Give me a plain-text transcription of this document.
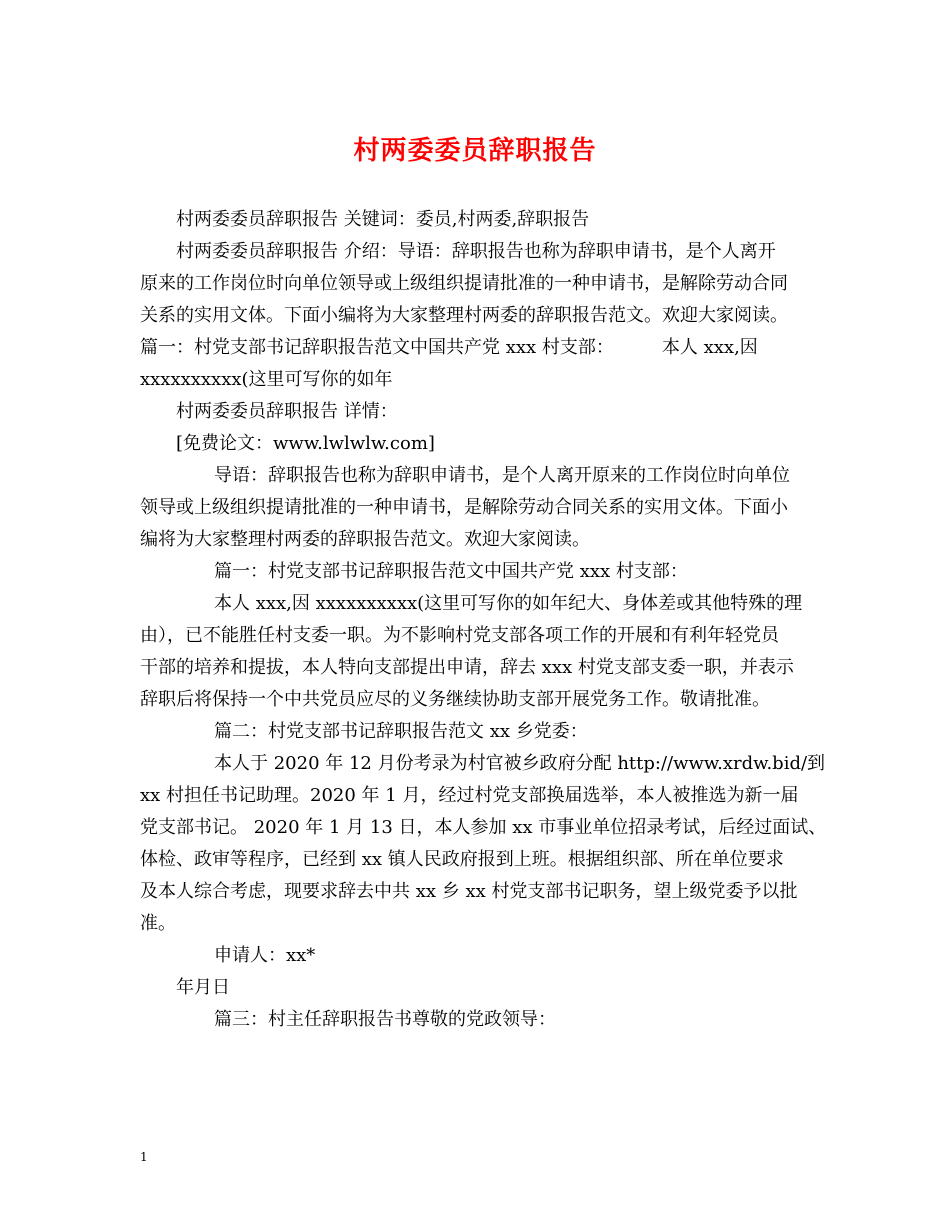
村两委委员辞职报告
村两委委员辞职报告 关键词：委员,村两委,辞职报告
村两委委员辞职报告 介绍：导语：辞职报告也称为辞职申请书，是个人离开
原来的工作岗位时向单位领导或上级组织提请批准的一种申请书，是解除劳动合同
关系的实用文体。下面小编将为大家整理村两委的辞职报告范文。欢迎大家阅读。
篇一：村党支部书记辞职报告范文中国共产党 xxx 村支部：	本人 xxx,因
xxxxxxxxxx(这里可写你的如年
村两委委员辞职报告 详情：
[免费论文：www.lwlwlw.com]
导语：辞职报告也称为辞职申请书，是个人离开原来的工作岗位时向单位
领导或上级组织提请批准的一种申请书，是解除劳动合同关系的实用文体。下面小
编将为大家整理村两委的辞职报告范文。欢迎大家阅读。
篇一：村党支部书记辞职报告范文中国共产党 xxx 村支部：
本人 xxx,因 xxxxxxxxxx(这里可写你的如年纪大、身体差或其他特殊的理
由），已不能胜任村支委一职。为不影响村党支部各项工作的开展和有利年轻党员
干部的培养和提拔，本人特向支部提出申请，辞去 xxx 村党支部支委一职，并表示
辞职后将保持一个中共党员应尽的义务继续协助支部开展党务工作。敬请批准。
篇二：村党支部书记辞职报告范文 xx 乡党委：
本人于 2020 年 12 月份考录为村官被乡政府分配 http://www.xrdw.bid/到
xx 村担任书记助理。2020 年 1 月，经过村党支部换届选举，本人被推选为新一届
党支部书记。 2020 年 1 月 13 日，本人参加 xx 市事业单位招录考试，后经过面试、
体检、政审等程序，已经到 xx 镇人民政府报到上班。根据组织部、所在单位要求
及本人综合考虑，现要求辞去中共 xx 乡 xx 村党支部书记职务，望上级党委予以批
准。
申请人：xx*
年月日
篇三：村主任辞职报告书尊敬的党政领导：
1
